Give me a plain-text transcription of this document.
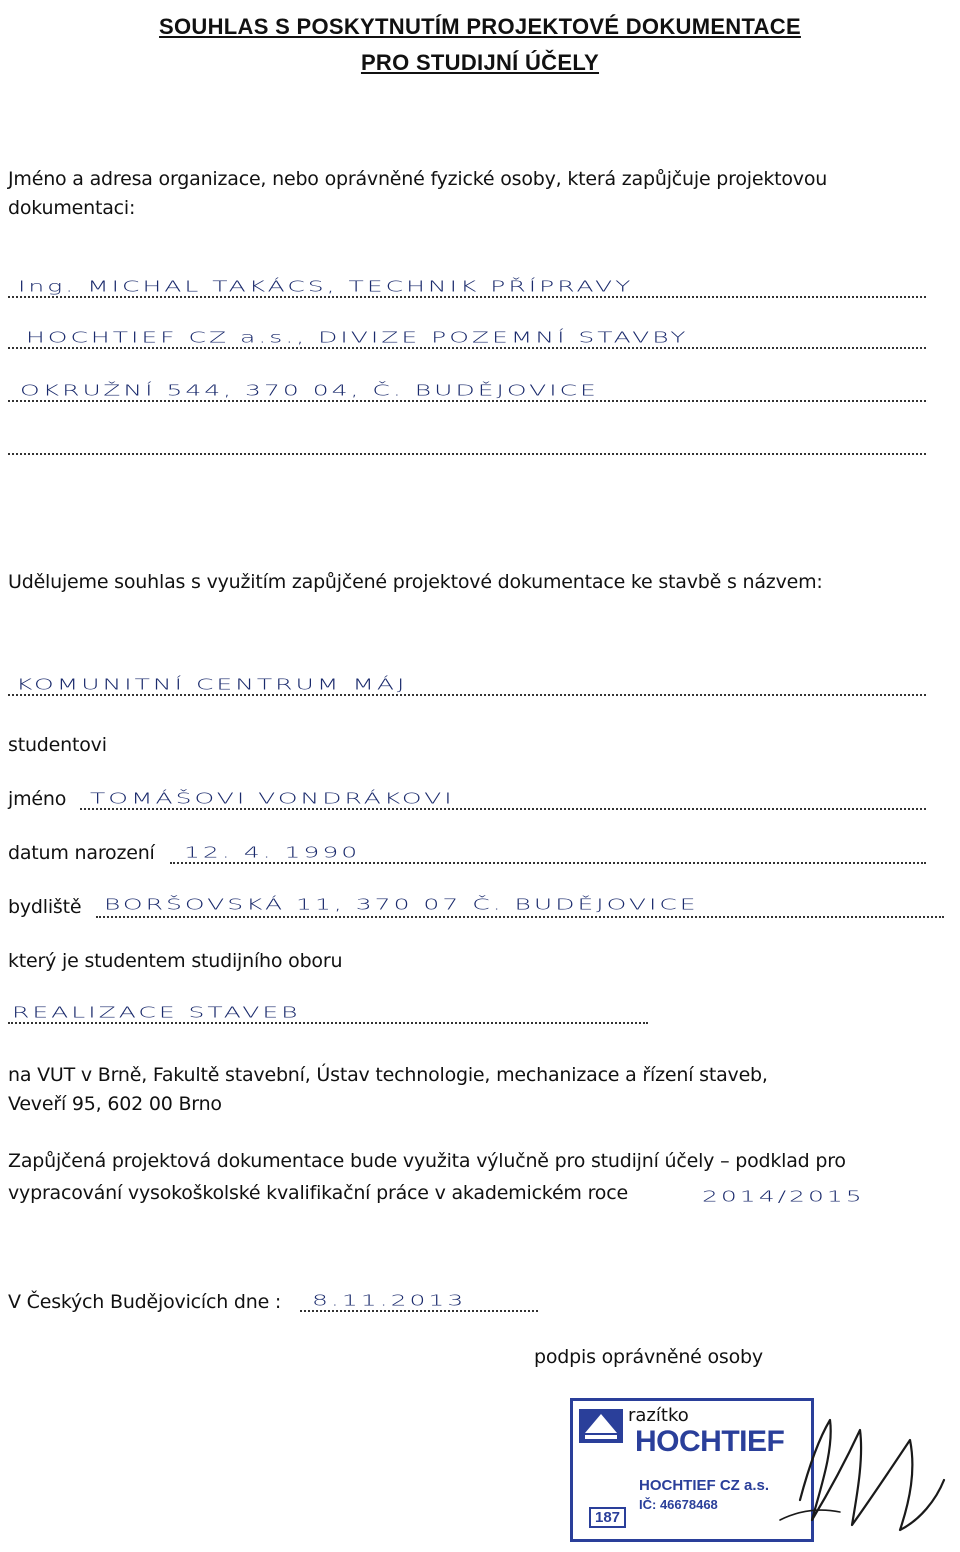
SOUHLAS S POSKYTNUTÍM PROJEKTOVÉ DOKUMENTACE
PRO STUDIJNÍ ÚČELY
Jméno a adresa organizace, nebo oprávněné fyzické osoby, která zapůjčuje projektovou
dokumentaci:
Ing. MICHAL TAKÁCS, TECHNIK PŘÍPRAVY
HOCHTIEF CZ a.s., DIVIZE POZEMNÍ STAVBY
OKRUŽNÍ 544, 370 04, Č. BUDĚJOVICE
Udělujeme souhlas s využitím zapůjčené projektové dokumentace ke stavbě s názvem:
KOMUNITNÍ CENTRUM MÁJ
studentovi
jméno TOMÁŠOVI VONDRÁKOVI
datum narození 12. 4. 1990
bydliště BORŠOVSKÁ 11, 370 07 Č. BUDĚJOVICE
který je studentem studijního oboru
REALIZACE STAVEB
na VUT v Brně, Fakultě stavební, Ústav technologie, mechanizace a řízení staveb,
Veveří 95, 602 00 Brno
Zapůjčená projektová dokumentace bude využita výlučně pro studijní účely – podklad pro
vypracování vysokoškolské kvalifikační práce v akademickém roce	2014/2015
V Českých Budějovicích dne : 8.11.2013
podpis oprávněné osoby
razítko
HOCHTIEF
HOCHTIEF CZ a.s.
IČ: 46678468
187
